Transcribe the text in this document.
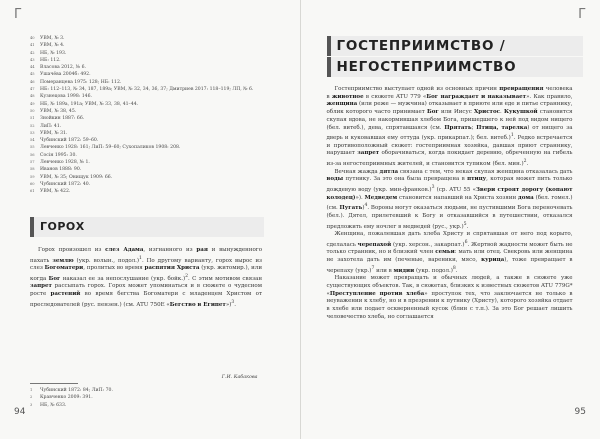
Г
40 УВМ, № 3.
41 УВМ, № 4.
42 НБ, № 193.
43 НБ: 112.
44 Власова 2012, № 6.
45 Ушачёва 2004б: 492.
46 Померанцева 1975: 128; НБ: 112.
47 НБ: 112–113, № 34, 187, 189а; УВМ, № 32, 34, 36, 37; Дмитриев 2017: 118–119; ЛП, № 6.
48 Кузнецова 1998: 146.
49 НБ, № 189а, 191а; УВМ, № 33, 38, 41–44.
50 УВМ, № 38, 45.
51 Знойкин 1887: 66.
52 ЛиП: 41.
53 УВМ, № 31.
54 Чубинский 1872: 59–60.
55 Левченко 1928: 161; ЛиП: 59–60; Сухопаликов 1908: 208.
56 Сосін 1995: 30.
57 Левченко 1928, № 1.
58 Иванов 1888: 90.
59 УВМ, № 35; Онищук 1909: 66.
60 Чубинский 1872: 40.
61 УВМ, № 422.
ГОРОХ

Горох произошел из слез Адама, изгнанного из рая и вынужденного пахать землю (укр. волын., подол.)$^1$. По другому варианту, горох вырос из слез Богоматери, пролитых во время распятия Христа (укр. житомир.), или когда Бог наказал ее за непослушание (укр. бойк.)$^2$. С этим мотивом связан запрет рассыпать горох. Горох может упоминаться и в сюжете о чудесном росте растений во время бегства Богоматери с младенцем Христом от преследователей (рус. пензен.) (см. ATU 750E «Бегство в Египет»)$^3$.

Г.И. Кабакова
1 Чубинский 1872: 84; ЛиП: 70.
2 Кравченко 2009: 391.
3 НБ, № 633.
94
Г
ГОСТЕПРИИМСТВО /
НЕГОСТЕПРИИМСТВО

Гостеприимство выступает одной из основных причин превращения человека в животное в сюжете ATU 779 «Бог награждает и наказывает». Как правило, женщина (или реже — мужчина) отказывает в приюте или еде и питье страннику, облик которого часто принимает Бог или Иисус Христос. Кукушкой становится скупая вдова, не накормившая хлебом Бога, пришедшего к ней под видом нищего (бел. витеб.), дева, спрятавшаяся (см. Прятать; Птица, тарелка) от нищего за дверь и куковавшая ему оттуда (укр. прикарпат.); бел. витеб.)$^1$. Редко встречается и противоположный сюжет: гостеприимная хозяйка, давшая приют страннику, нарушает запрет оборачиваться, когда покидает деревню, обреченную на гибель из-за негостеприимных жителей, и становится тупиком (бел. мин.)$^2$.

Вечная жажда дятла связана с тем, что некая скупая женщина отказалась дать воды путнику. За это она была превращена в птицу, которая может пить только дождевую воду (укр. мин-франков.)$^3$ (ср. ATU 55 «Звери строят дорогу (копают колодец)»). Медведем становится напавший на Христа хозяин дома (бел. гомел.) (см. Пугать)$^4$. Вороны могут оказаться людьми, не пустившими Бога переночевать (бел.). Дятел, прилетевший к Богу и отказавшийся в путешествии, отказался предложить ему ночлег в медведей (рус., укр.)$^5$.

Женщина, пожалевшая дать хлеба Христу и спрятавшая от него под корыто, сделалась черепахой (укр. херсон., закарпат.)$^6$. Жертвой жадности может быть не только странник, но и близкий член семьи: мать или отец. Свекровь или женщина не захотела дать им (печеные, вареники, мясо, курица), тоже превращает в черепаху $(укр.)^7$ или в мидии (укр. подол.)$^8$.

Наказание может превращать и обычных людей, а также в сюжете уже существующих объектов. Так, в сюжетах, близких к известных сюжетов ATU 779G* «Преступление против хлеба» проступок тех, что заключается не только в неуважении к хлебу, но и в презрении к путнику (Христу), которого хозяйка отдает в хлебе или подает оскверненный кусок (блин с т.п.). За это Бог решает лишить человечество хлеба, но соглашается

95
